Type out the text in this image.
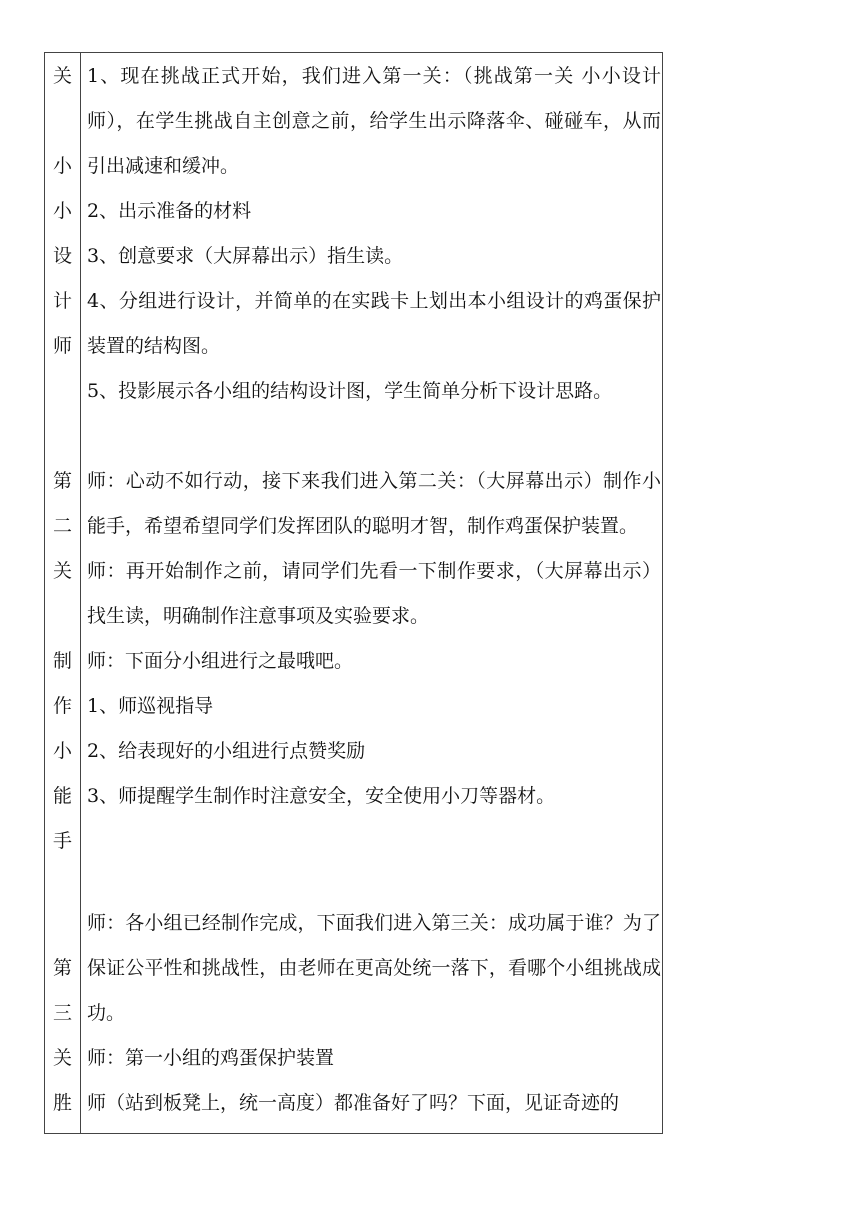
关
小
小
设
计
师
第
二
关
制
作
小
能
手
第
三
关
胜

1、现在挑战正式开始，我们进入第一关：（挑战第一关 小小设计师），在学生挑战自主创意之前，给学生出示降落伞、碰碰车，从而引出减速和缓冲。

2、出示准备的材料

3、创意要求（大屏幕出示）指生读。

4、分组进行设计，并简单的在实践卡上划出本小组设计的鸡蛋保护装置的结构图。

5、投影展示各小组的结构设计图，学生简单分析下设计思路。

师：心动不如行动，接下来我们进入第二关：（大屏幕出示）制作小能手，希望希望同学们发挥团队的聪明才智，制作鸡蛋保护装置。

师：再开始制作之前，请同学们先看一下制作要求，（大屏幕出示）找生读，明确制作注意事项及实验要求。

师：下面分小组进行之最哦吧。

1、师巡视指导

2、给表现好的小组进行点赞奖励

3、师提醒学生制作时注意安全，安全使用小刀等器材。

师：各小组已经制作完成，下面我们进入第三关：成功属于谁？为了保证公平性和挑战性，由老师在更高处统一落下，看哪个小组挑战成功。

师：第一小组的鸡蛋保护装置

师（站到板凳上，统一高度）都准备好了吗？下面，见证奇迹的
